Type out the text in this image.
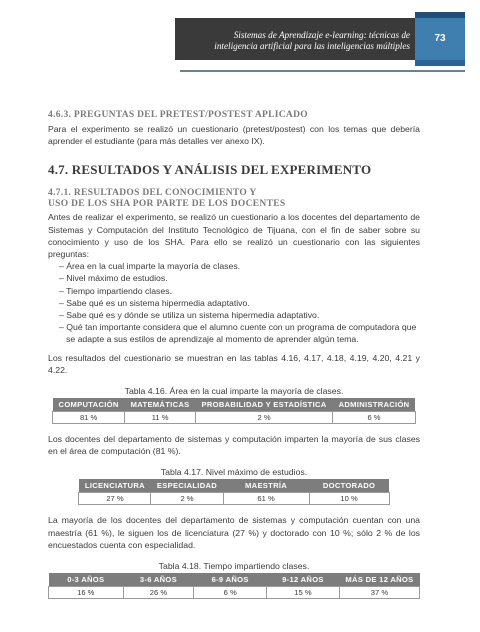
Sistemas de Aprendizaje e-learning: técnicas de
inteligencia artificial para las inteligencias múltiples
73
4.6.3. PREGUNTAS DEL PRETEST/POSTEST APLICADO
Para el experimento se realizó un cuestionario (pretest/postest) con los temas que debería aprender el estudiante (para más detalles ver anexo IX).
4.7. RESULTADOS Y ANÁLISIS DEL EXPERIMENTO
4.7.1. RESULTADOS DEL CONOCIMIENTO Y
USO DE LOS SHA POR PARTE DE LOS DOCENTES
Antes de realizar el experimento, se realizó un cuestionario a los docentes del departamento de Sistemas y Computación del Instituto Tecnológico de Tijuana, con el fin de saber sobre su conocimiento y uso de los SHA. Para ello se realizó un cuestionario con las siguientes preguntas:
– Área en la cual imparte la mayoría de clases.
– Nivel máximo de estudios.
– Tiempo impartiendo clases.
– Sabe qué es un sistema hipermedia adaptativo.
– Sabe qué es y dónde se utiliza un sistema hipermedia adaptativo.
– Qué tan importante considera que el alumno cuente con un programa de computadora que se adapte a sus estilos de aprendizaje al momento de aprender algún tema.
Los resultados del cuestionario se muestran en las tablas 4.16, 4.17, 4.18, 4.19, 4.20, 4.21 y 4.22.
Tabla 4.16. Área en la cual imparte la mayoría de clases.
COMPUTACIÓN	MATEMÁTICAS	PROBABILIDAD Y ESTADÍSTICA	ADMINISTRACIÓN
81 %	11 %	2 %	6 %
Los docentes del departamento de sistemas y computación imparten la mayoría de sus clases en el área de computación (81 %).
Tabla 4.17. Nivel máximo de estudios.
LICENCIATURA	ESPECIALIDAD	MAESTRÍA	DOCTORADO
27 %	2 %	61 %	10 %
La mayoría de los docentes del departamento de sistemas y computación cuentan con una maestría (61 %), le siguen los de licenciatura (27 %) y doctorado con 10 %; sólo 2 % de los encuestados cuenta con especialidad.
Tabla 4.18. Tiempo impartiendo clases.
0-3 AÑOS	3-6 AÑOS	6-9 AÑOS	9-12 AÑOS	MÁS DE 12 AÑOS
16 %	26 %	6 %	15 %	37 %
